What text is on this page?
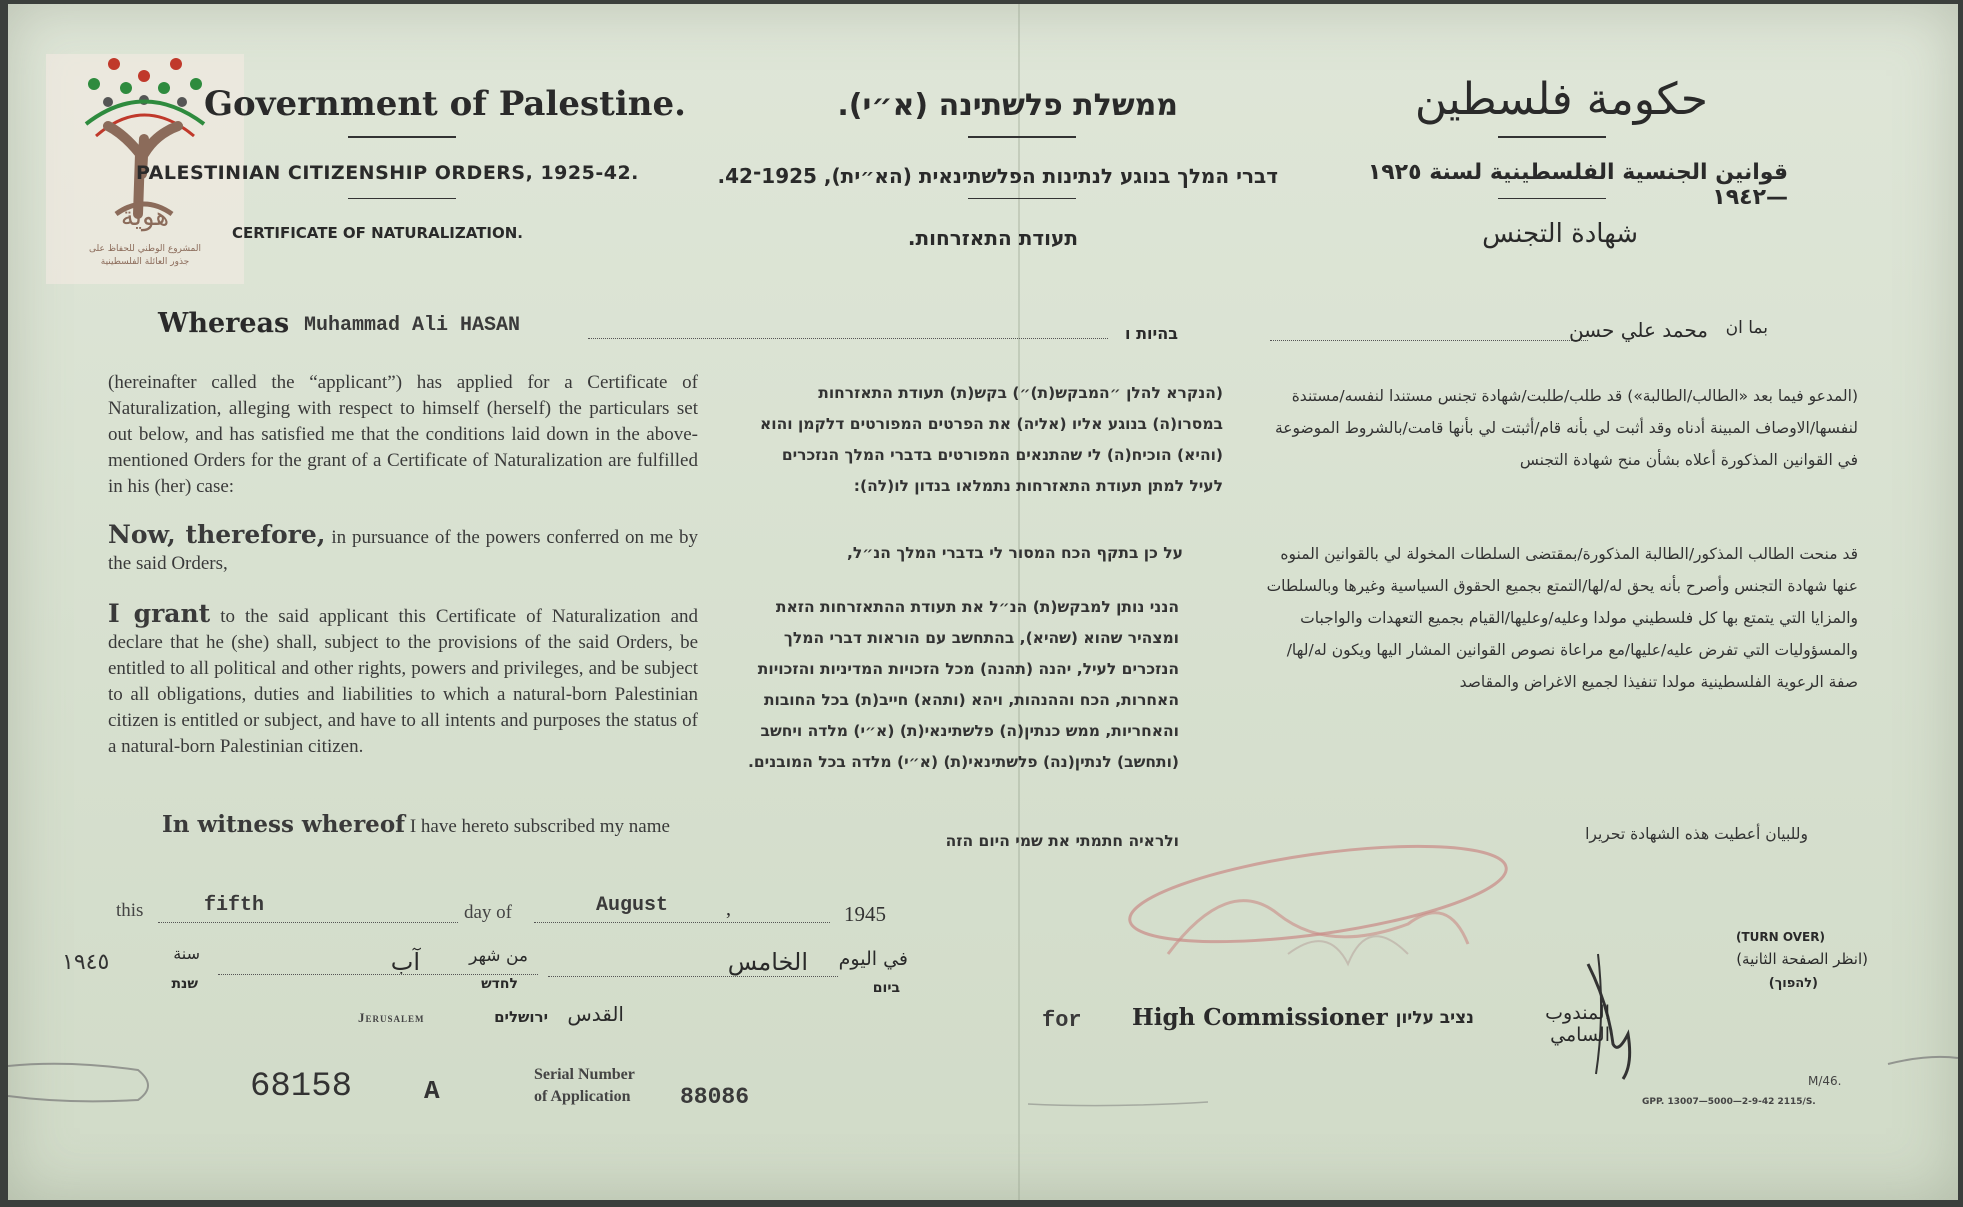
هوية
المشروع الوطني للحفاظ على
جذور العائلة الفلسطينية
Government of Palestine.	ממשלת פלשתינה (א״י).	حكومة فلسطين
PALESTINIAN CITIZENSHIP ORDERS, 1925-42.	דברי המלך בנוגע לנתינות הפלשתינאית (הא״ית), 1925־42.	قوانين الجنسية الفلسطينية لسنة ١٩٢٥—١٩٤٢
CERTIFICATE OF NATURALIZATION.	תעודת התאזרחות.	شهادة التجنس
Whereas Muhammad Ali HASAN	בהיות ו	محمد علي حسن	بما ان
(hereinafter called the “applicant”) has applied for a Certificate of Naturalization, alleging with respect to himself (herself) the particulars set out below, and has satisfied me that the conditions laid down in the above-mentioned Orders for the grant of a Certificate of Naturalization are fulfilled in his (her) case:
Now, therefore, in pursuance of the powers conferred on me by the said Orders,
I grant to the said applicant this Certificate of Naturalization and declare that he (she) shall, subject to the provisions of the said Orders, be entitled to all political and other rights, powers and privileges, and be subject to all obligations, duties and liabilities to which a natural-born Palestinian citizen is entitled or subject, and have to all intents and purposes the status of a natural-born Palestinian citizen.
In witness whereof I have hereto subscribed my name
(הנקרא להלן ״המבקש(ת)״) בקש(ת) תעודת התאזרחות במסרו(ה) בנוגע אליו (אליה) את הפרטים המפורטים דלקמן והוא (והיא) הוכיח(ה) לי שהתנאים המפורטים בדברי המלך הנזכרים לעיל למתן תעודת התאזרחות נתמלאו בנדון לו(לה):
על כן בתקף הכח המסור לי בדברי המלך הנ״ל,
הנני נותן למבקש(ת) הנ״ל את תעודת ההתאזרחות הזאת ומצהיר שהוא (שהיא), בהתחשב עם הוראות דברי המלך הנזכרים לעיל, יהנה (תהנה) מכל הזכויות המדיניות והזכויות האחרות, הכח וההנהות, ויהא (ותהא) חייב(ת) בכל החובות והאחריות, ממש כנתין(ה) פלשתינאי(ת) (א״י) מלדה ויחשב (ותחשב) לנתין(נה) פלשתינאי(ת) (א״י) מלדה בכל המובנים.
ולראיה חתמתי את שמי היום הזה
(المدعو فيما بعد «الطالب/الطالبة») قد طلب/طلبت/شهادة تجنس مستندا لنفسه/مستندة لنفسها/الاوصاف المبينة أدناه وقد أثبت لي بأنه قام/أثبتت لي بأنها قامت/بالشروط الموضوعة في القوانين المذكورة أعلاه بشأن منح شهادة التجنس
قد منحت الطالب المذكور/الطالبة المذكورة/بمقتضى السلطات المخولة لي بالقوانين المنوه عنها شهادة التجنس وأصرح بأنه يحق له/لها/التمتع بجميع الحقوق السياسية وغيرها وبالسلطات والمزايا التي يتمتع بها كل فلسطيني مولدا وعليه/وعليها/القيام بجميع التعهدات والواجبات والمسؤوليات التي تفرض عليه/عليها/مع مراعاة نصوص القوانين المشار اليها ويكون له/لها/ صفة الرعوية الفلسطينية مولدا تنفيذا لجميع الاغراض والمقاصد
وللبيان أعطيت هذه الشهادة تحريرا
this	fifth	day of	August	,	1945
١٩٤٥	سنة
שנת
آب	من شهر
לחדש
الخامس	في اليوم
ביום
Jerusalem	ירושלים القدس	for High Commissioner נציב עליון	المندوب السامي
(TURN OVER)
(انظر الصفحة الثانية)
(להפוך)
68158	A
Serial Number
of Application 88086
M/46.
GPP. 13007—5000—2-9-42 2115/S.
